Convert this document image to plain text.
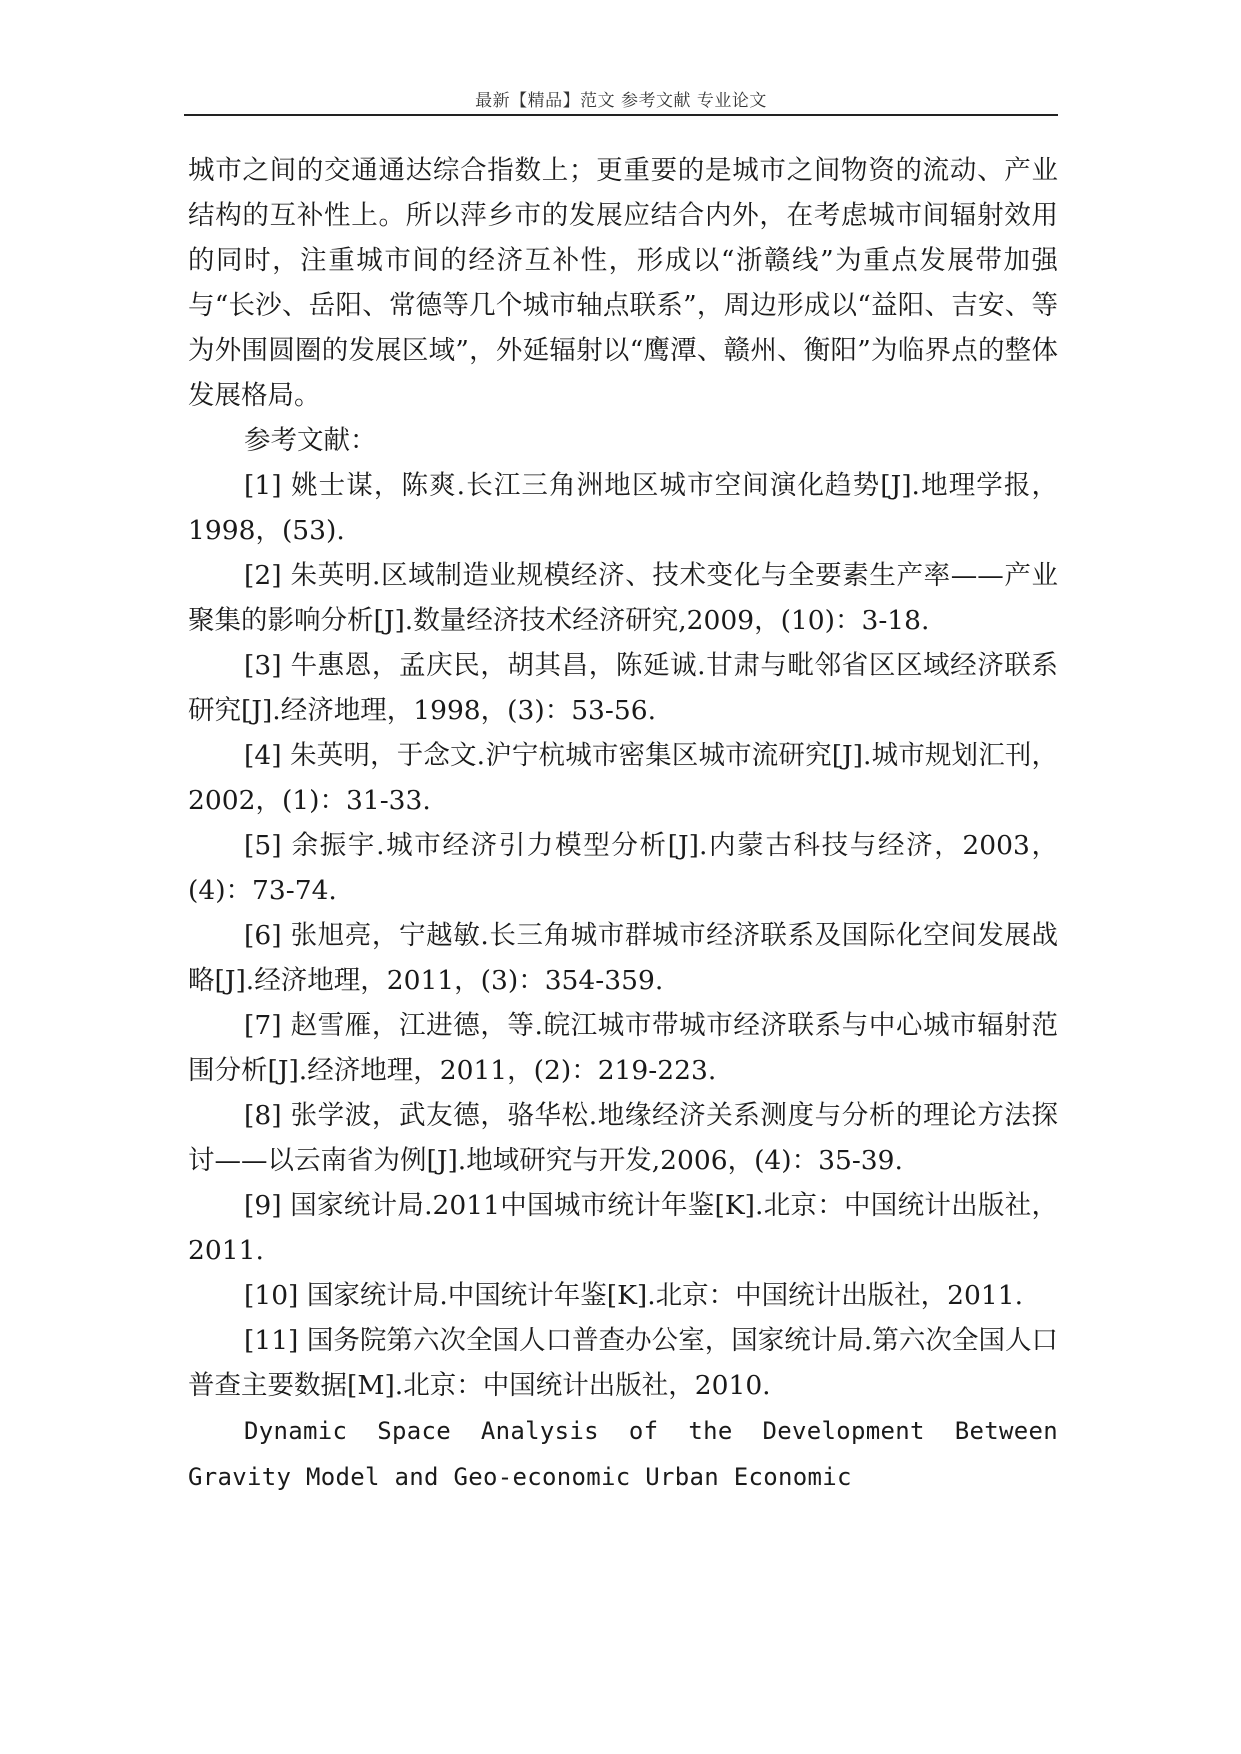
最新【精品】范文 参考文献 专业论文

城市之间的交通通达综合指数上；更重要的是城市之间物资的流动、产业结构的互补性上。所以萍乡市的发展应结合内外，在考虑城市间辐射效用的同时，注重城市间的经济互补性，形成以“浙赣线”为重点发展带加强与“长沙、岳阳、常德等几个城市轴点联系”，周边形成以“益阳、吉安、等为外围圆圈的发展区域”，外延辐射以“鹰潭、赣州、衡阳”为临界点的整体发展格局。

参考文献：

[1] 姚士谋，陈爽.长江三角洲地区城市空间演化趋势[J].地理学报，1998，(53).

[2] 朱英明.区域制造业规模经济、技术变化与全要素生产率——产业聚集的影响分析[J].数量经济技术经济研究,2009，(10)：3-18.

[3] 牛惠恩，孟庆民，胡其昌，陈延诚.甘肃与毗邻省区区域经济联系研究[J].经济地理，1998，(3)：53-56.

[4] 朱英明，于念文.沪宁杭城市密集区城市流研究[J].城市规划汇刊，2002，(1)：31-33.

[5] 余振宇.城市经济引力模型分析[J].内蒙古科技与经济，2003，(4)：73-74.

[6] 张旭亮，宁越敏.长三角城市群城市经济联系及国际化空间发展战略[J].经济地理，2011，(3)：354-359.

[7] 赵雪雁，江进德，等.皖江城市带城市经济联系与中心城市辐射范围分析[J].经济地理，2011，(2)：219-223.

[8] 张学波，武友德，骆华松.地缘经济关系测度与分析的理论方法探讨——以云南省为例[J].地域研究与开发,2006，(4)：35-39.

[9] 国家统计局.2011中国城市统计年鉴[K].北京：中国统计出版社，2011.

[10] 国家统计局.中国统计年鉴[K].北京：中国统计出版社，2011.

[11] 国务院第六次全国人口普查办公室，国家统计局.第六次全国人口普查主要数据[M].北京：中国统计出版社，2010.

Dynamic Space Analysis of the Development Between Gravity Model and Geo-economic Urban Economic
